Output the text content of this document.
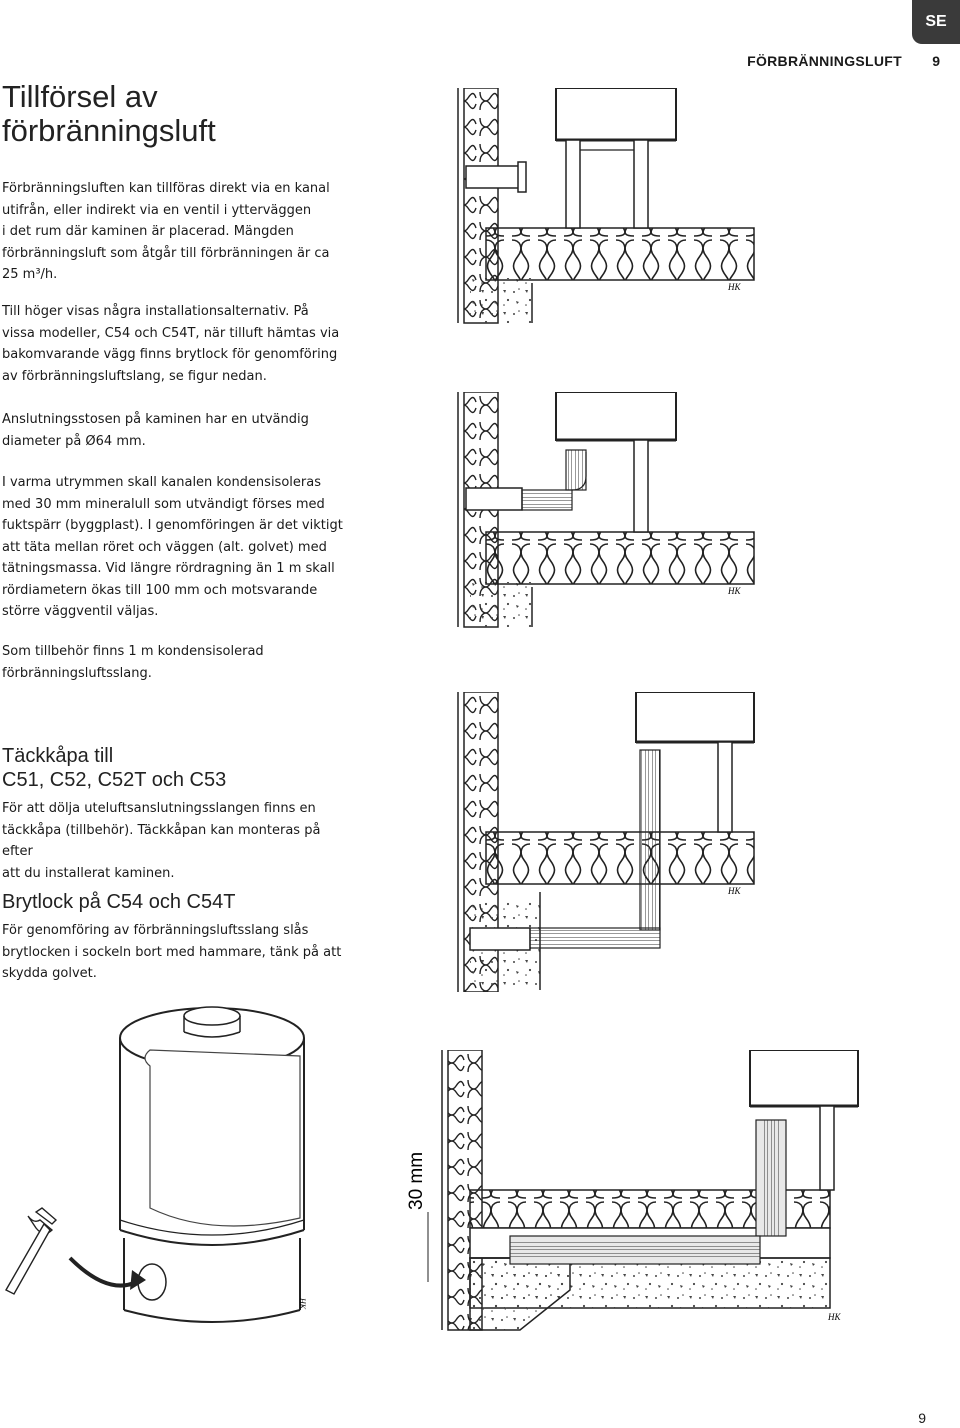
SE
FÖRBRÄNNINGSLUFT 9
Tillförsel av
förbränningsluft

Förbränningsluften kan tillföras direkt via en kanal

utifrån, eller indirekt via en ventil i ytterväggen

i det rum där kaminen är placerad. Mängden

förbränningsluft som åtgår till förbränningen är ca

25 m³/h.

Till höger visas några installationsalternativ. På

vissa modeller, C54 och C54T, när tilluft hämtas via

bakomvarande vägg finns brytlock för genomföring

av förbränningsluftslang, se figur nedan.

Anslutningsstosen på kaminen har en utvändig

diameter på Ø64 mm.

I varma utrymmen skall kanalen kondensisoleras

med 30 mm mineralull som utvändigt förses med

fuktspärr (byggplast). I genomföringen är det viktigt

att täta mellan röret och väggen (alt. golvet) med

tätningsmassa. Vid längre rördragning än 1 m skall

rördiametern ökas till 100 mm och motsvarande

större väggventil väljas.

Som tillbehör finns 1 m kondensisolerad

förbränningsluftsslang.

Täckkåpa till
C51, C52, C52T och C53

För att dölja uteluftsanslutningsslangen finns en

täckkåpa (tillbehör). Täckkåpan kan monteras på efter

att du installerat kaminen.

Brytlock på C54 och C54T

För genomföring av förbränningsluftsslang slås

brytlocken i sockeln bort med hammare, tänk på att

skydda golvet.

HK
HK
HK
HK
30 mm
HK
9
